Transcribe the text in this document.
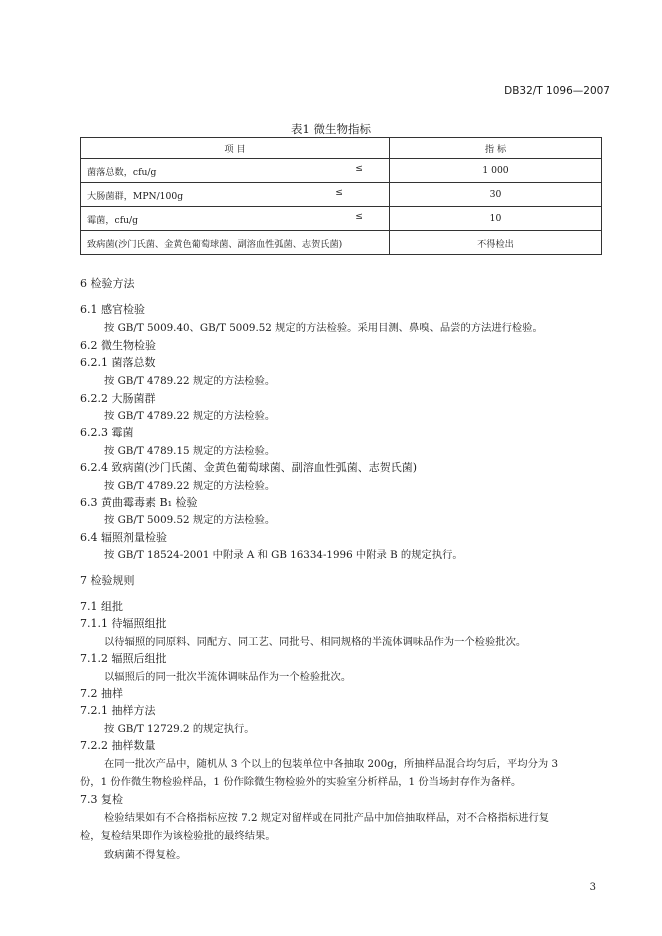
DB32/T 1096—2007
表1 微生物指标
项 目	指 标
菌落总数，cfu/g ≤	1 000
大肠菌群，MPN/100g ≤	30
霉菌，cfu/g ≤	10
致病菌(沙门氏菌、金黄色葡萄球菌、副溶血性弧菌、志贺氏菌)	不得检出
6 检验方法
6.1 感官检验
按 GB/T 5009.40、GB/T 5009.52 规定的方法检验。采用目测、鼻嗅、品尝的方法进行检验。
6.2 微生物检验
6.2.1 菌落总数
按 GB/T 4789.22 规定的方法检验。
6.2.2 大肠菌群
按 GB/T 4789.22 规定的方法检验。
6.2.3 霉菌
按 GB/T 4789.15 规定的方法检验。
6.2.4 致病菌(沙门氏菌、金黄色葡萄球菌、副溶血性弧菌、志贺氏菌)
按 GB/T 4789.22 规定的方法检验。
6.3 黄曲霉毒素 B₁ 检验
按 GB/T 5009.52 规定的方法检验。
6.4 辐照剂量检验
按 GB/T 18524-2001 中附录 A 和 GB 16334-1996 中附录 B 的规定执行。
7 检验规则
7.1 组批
7.1.1 待辐照组批
以待辐照的同原料、同配方、同工艺、同批号、相同规格的半流体调味品作为一个检验批次。
7.1.2 辐照后组批
以辐照后的同一批次半流体调味品作为一个检验批次。
7.2 抽样
7.2.1 抽样方法
按 GB/T 12729.2 的规定执行。
7.2.2 抽样数量
在同一批次产品中，随机从 3 个以上的包装单位中各抽取 200g，所抽样品混合均匀后，平均分为 3
份，1 份作微生物检验样品，1 份作除微生物检验外的实验室分析样品，1 份当场封存作为备样。
7.3 复检
检验结果如有不合格指标应按 7.2 规定对留样或在同批产品中加倍抽取样品，对不合格指标进行复
检，复检结果即作为该检验批的最终结果。
致病菌不得复检。
3
